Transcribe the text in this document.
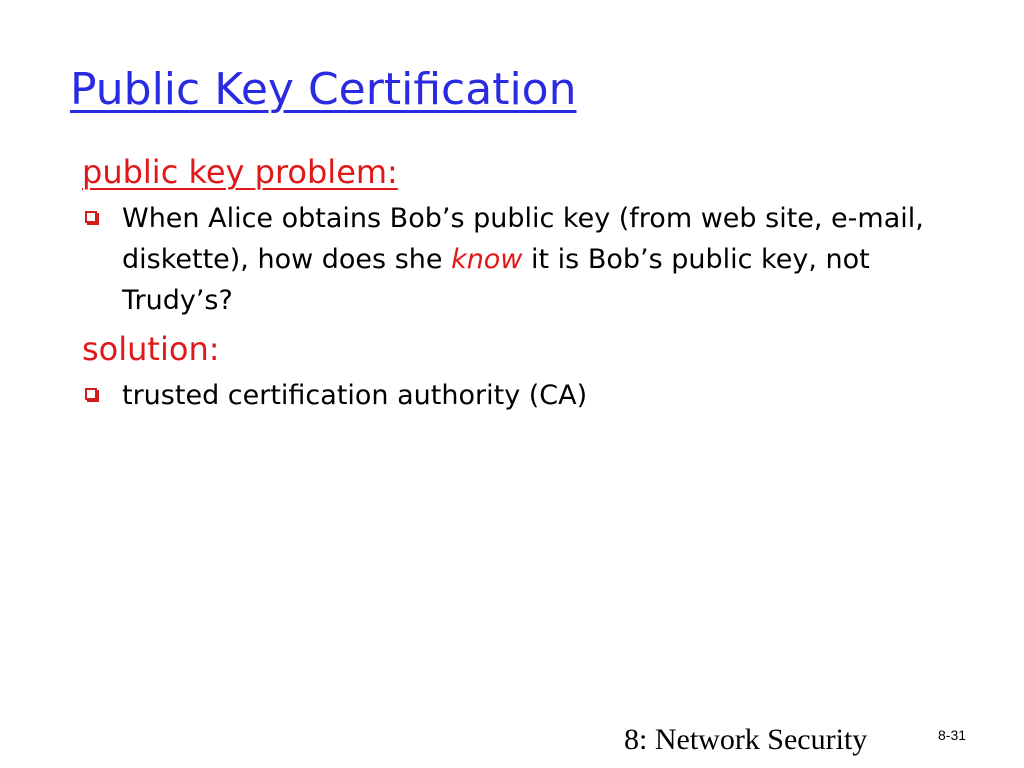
Public Key Certification

public key problem:

When Alice obtains Bob’s public key (from web site, e-mail, diskette), how does she know it is Bob’s public key, not Trudy’s?

solution:

trusted certification authority (CA)
8: Network Security	8-31
